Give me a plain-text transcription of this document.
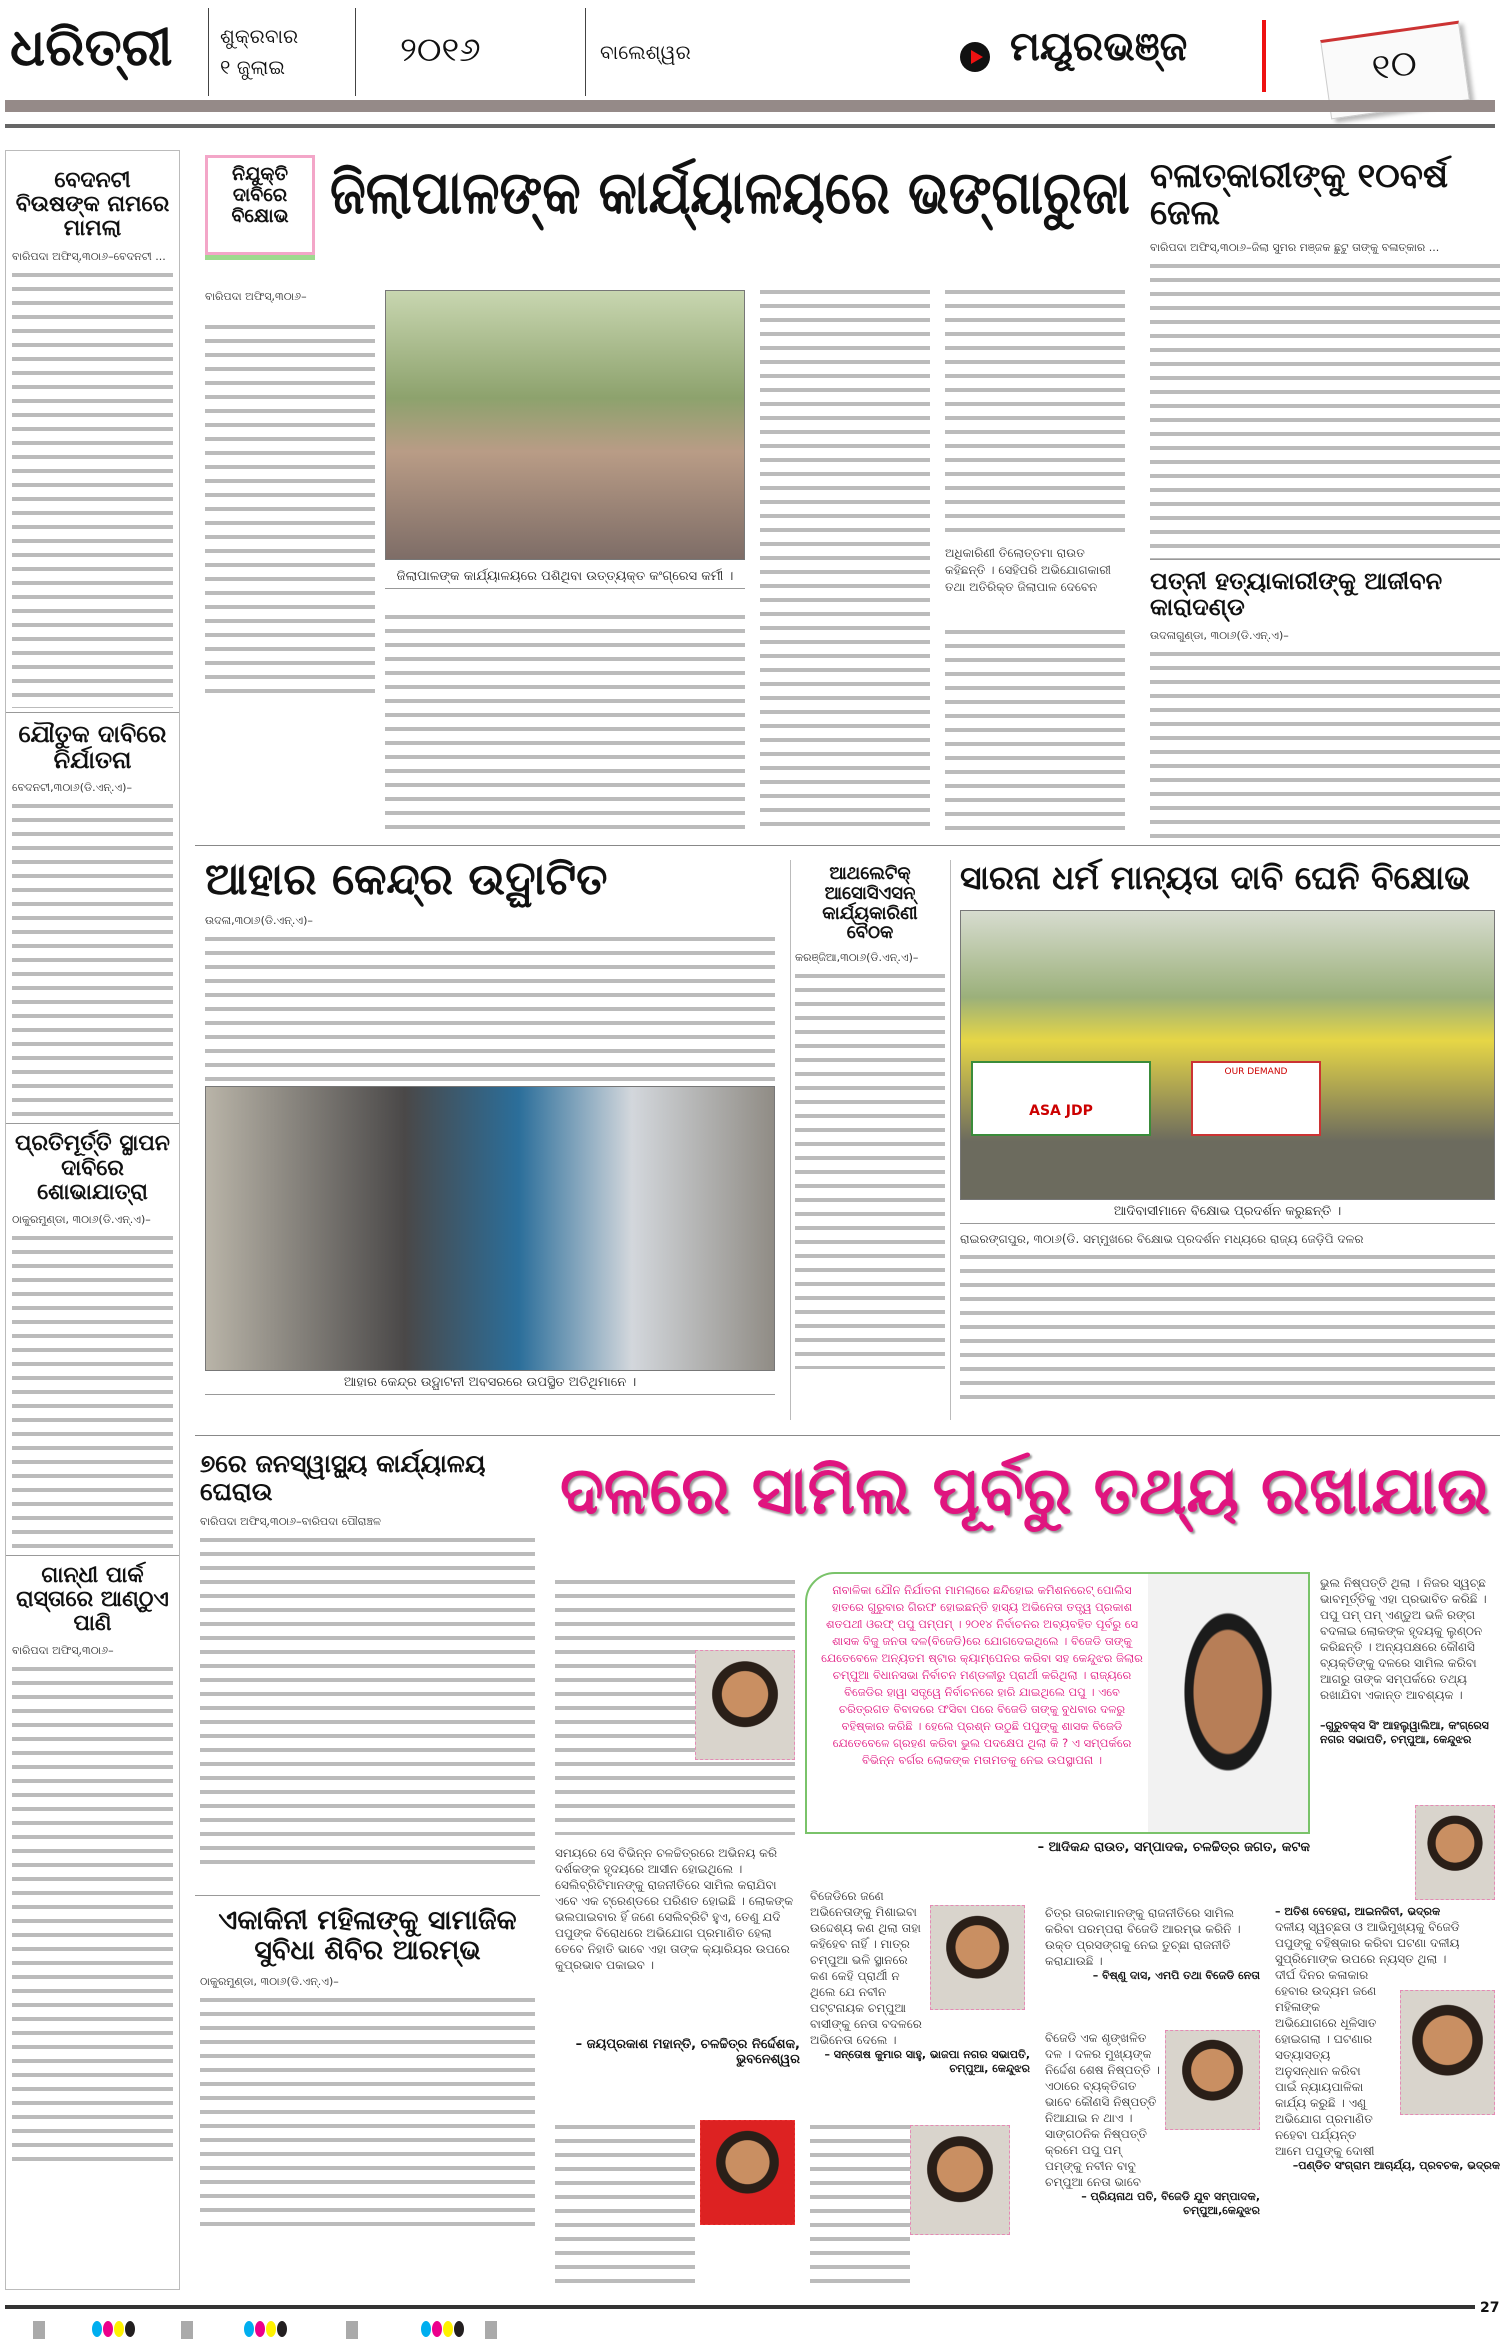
ଧରିତ୍ରୀ	ଶୁକ୍ରବାର
୧ ଜୁଲାଇ	୨୦୧୬	ବାଲେଶ୍ୱର	ମୟୂରଭଞ୍ଜ	୧୦
ବେଦନଟୀ ବିଉଷଙ୍କ ନାମରେ ମାମଲା
ବାରିପଦା ଅଫିସ୍,୩୦ା୬–ବେଦନଟୀ ...
ଯୌତୁକ ଦାବିରେ ନିର୍ଯାତନା
ବେଦନଟୀ,୩୦ା୬(ଡି.ଏନ୍.ଏ)–
ପ୍ରତିମୂର୍ତ୍ତି ସ୍ଥାପନ ଦାବିରେ ଶୋଭାଯାତ୍ରା
ଠାକୁରମୁଣ୍ଡା, ୩୦ା୬(ଡି.ଏନ୍.ଏ)–
ଗାନ୍ଧୀ ପାର୍କ ରାସ୍ତାରେ ଆଣ୍ଠୁଏ ପାଣି
ବାରିପଦା ଅଫିସ୍,୩୦ା୬–
ନିଯୁକ୍ତି ଦାବିରେ ବିକ୍ଷୋଭ ଜିଲାପାଳଙ୍କ କାର୍ଯ୍ୟାଳୟରେ ଭଙ୍ଗାରୁଜା
ବାରିପଦା ଅଫିସ୍,୩୦ା୬–
ଜିଲାପାଳଙ୍କ କାର୍ଯ୍ୟାଳୟରେ ପଶିଥିବା ଉତ୍ତ୍ୟକ୍ତ କଂଗ୍ରେସ କର୍ମୀ ।
ଅଧିକାରିଣୀ ତିଲୋତ୍ତମା ରାଉତ କହିଛନ୍ତି । ସେହିପରି ଅଭିଯୋଗକାରୀ ତଥା ଅତିରିକ୍ତ ଜିଲାପାଳ ଦେବେନ
ବଳାତ୍କାରୀଙ୍କୁ ୧୦ବର୍ଷ ଜେଲ
ବାରିପଦା ଅଫିସ୍,୩୦ା୬–ଜିଲା ସୁମର ମଞ୍ଜକ ଛୁଟୁ ତାଙ୍କୁ ବଳାତ୍କାର ...
ପତ୍ନୀ ହତ୍ୟାକାରୀଙ୍କୁ ଆଜୀବନ କାରାଦଣ୍ଡ
ଉଦଳାଗୁଣ୍ଡା, ୩୦ା୬(ଡି.ଏନ୍.ଏ)–
ଆହାର କେନ୍ଦ୍ର ଉଦ୍ଘାଟିତ
ଉଦଳା,୩୦ା୬(ଡି.ଏନ୍.ଏ)–
ଆହାର କେନ୍ଦ୍ର ଉଦ୍ଘାଟନୀ ଅବସରରେ ଉପସ୍ଥିତ ଅତିଥିମାନେ ।
ଆଥଲେଟିକ୍ ଆସୋସିଏସନ୍ କାର୍ଯ୍ୟକାରିଣୀ ବୈଠକ
କରଞ୍ଜିଆ,୩୦ା୬(ଡି.ଏନ୍.ଏ)–
ସାରନା ଧର୍ମ ମାନ୍ୟତା ଦାବି ଘେନି ବିକ୍ଷୋଭ
ASA JDP
OUR DEMAND
ଆଦିବାସୀମାନେ ବିକ୍ଷୋଭ ପ୍ରଦର୍ଶନ କରୁଛନ୍ତି ।
ରାଇରଙ୍ଗପୁର, ୩୦ା୬(ଡି. ସମ୍ମୁଖରେ ବିକ୍ଷୋଭ ପ୍ରଦର୍ଶନ ମଧ୍ୟରେ ରାଜ୍ୟ ଜେଡ଼ିପି ଦଳର
୭ରେ ଜନସ୍ୱାସ୍ଥ୍ୟ କାର୍ଯ୍ୟାଳୟ ଘେରାଉ
ବାରିପଦା ଅଫିସ୍,୩୦ା୬–ବାରିପଦା ପୌରାଞ୍ଚଳ
ଏକାକିନୀ ମହିଳାଙ୍କୁ ସାମାଜିକ ସୁବିଧା ଶିବିର ଆରମ୍ଭ
ଠାକୁରମୁଣ୍ଡା, ୩୦ା୬(ଡି.ଏନ୍.ଏ)–
ଦଳରେ ସାମିଲ ପୂର୍ବରୁ ତଥ୍ୟ ରଖାଯାଉ
ନାବାଳିକା ଯୌନ ନିର୍ଯାତନା ମାମଲାରେ ଛନ୍ଦିହୋଇ କମିଶନରେଟ୍ ପୋଲିସ ହାତରେ ଗୁରୁବାର ଗିରଫ ହୋଇଛନ୍ତି ହାସ୍ୟ ଅଭିନେତା ତତ୍ତ୍ୱ ପ୍ରକାଶ ଶତପଥୀ ଓରଫ୍ ପପୁ ପମ୍‌ପମ୍ । ୨୦୧୪ ନିର୍ବାଚନର ଅବ୍ୟବହିତ ପୂର୍ବରୁ ସେ ଶାସକ ବିଜୁ ଜନତା ଦଳ(ବିଜେଡି)ରେ ଯୋଗଦେଇଥିଲେ । ବିଜେଡି ତାଙ୍କୁ ଯେତେବେଳେ ଅନ୍ୟତମ ଷ୍ଟାର କ୍ୟାମ୍ପେନର କରିବା ସହ କେନ୍ଦୁଝର ଜିଲାର ଚମ୍ପୁଆ ବିଧାନସଭା ନିର୍ବାଚନ ମଣ୍ଡଳୀରୁ ପ୍ରାର୍ଥୀ କରିଥିଲା । ରାଜ୍ୟରେ ବିଜେଡିର ହାୱା ସତ୍ତ୍ୱେ ନିର୍ବାଚନରେ ହାରି ଯାଇଥିଲେ ପପୁ । ଏବେ ଚରିତ୍ରଗତ ବିବାଦରେ ଫସିବା ପରେ ବିଜେଡି ତାଙ୍କୁ ବୁଧବାର ଦଳରୁ ବହିଷ୍କାର କରିଛି । ହେଲେ ପ୍ରଶ୍ନ ଉଠୁଛି ପପୁଙ୍କୁ ଶାସକ ବିଜେଡି ଯେତେବେଳେ ଗ୍ରହଣ କରିବା ଭୁଲ ପଦକ୍ଷେପ ଥିଲା କି ? ଏ ସମ୍ପର୍କରେ ବିଭିନ୍ନ ବର୍ଗର ଲୋକଙ୍କ ମତାମତକୁ ନେଇ ଉପସ୍ଥାପନା ।
ଭୁଲ ନିଷ୍ପତ୍ତି ଥିଲା । ନିଜର ସ୍ୱଚ୍ଛ ଭାବମୂର୍ତ୍ତିକୁ ଏହା ପ୍ରଭାବିତ କରିଛି । ପପୁ ପମ୍ ପମ୍ ଏଣ୍ଡୁଅ ଭଳି ରଙ୍ଗ ବଦଳାଇ ଲୋକଙ୍କ ହୃଦୟକୁ ଲୁଣ୍ଠନ କରିଛନ୍ତି । ଅନ୍ୟପକ୍ଷରେ କୌଣସି ବ୍ୟକ୍ତିଙ୍କୁ ଦଳରେ ସାମିଲ କରିବା ଆଗରୁ ତାଙ୍କ ସମ୍ପର୍କରେ ତଥ୍ୟ ରଖାଯିବା ଏକାନ୍ତ ଆବଶ୍ୟକ ।
–ଗୁରୁବକ୍ସ ସିଂ ଆହଲୁୱାଲିଆ, କଂଗ୍ରେସ ନଗର ସଭାପତି, ଚମ୍ପୁଆ, କେନ୍ଦୁଝର
– ଆଦିକନ୍ଦ ରାଉତ, ସମ୍ପାଦକ, ଚଳଚ୍ଚିତ୍ର ଜଗତ, କଟକ
ସମୟରେ ସେ ବିଭିନ୍ନ ଚଳଚ୍ଚିତ୍ରରେ ଅଭିନୟ କରି ଦର୍ଶକଙ୍କ ହୃଦୟରେ ଆସୀନ ହୋଇଥିଲେ । ସେଲିବ୍ରିଟିମାନଙ୍କୁ ରାଜନୀତିରେ ସାମିଲ କରାଯିବା ଏବେ ଏକ ଟ୍ରେଣ୍ଡରେ ପରିଣତ ହୋଇଛି । ଲୋକଙ୍କ ଭଲପାଇବାର ହିଁ ଜଣେ ସେଲିବ୍ରିଟି ହୁଏ, ତେଣୁ ଯଦି ପପୁଙ୍କ ବିରୋଧରେ ଅଭିଯୋଗ ପ୍ରମାଣିତ ହେଲା ତେବେ ନିହାତି ଭାବେ ଏହା ତାଙ୍କ କ୍ୟାରିୟର ଉପରେ କୁପ୍ରଭାବ ପକାଇବ ।
– ଜୟପ୍ରକାଶ ମହାନ୍ତି, ଚଳଚ୍ଚିତ୍ର ନିର୍ଦ୍ଦେଶକ, ଭୁବନେଶ୍ୱର
ବିଜେଡିରେ ଜଣେ ଅଭିନେତାଙ୍କୁ ମିଶାଇବା ଉଦ୍ଦେଶ୍ୟ କଣ ଥିଲା ତାହା କହିହେବ ନାହିଁ । ମାତ୍ର ଚମ୍ପୁଆ ଭଳି ସ୍ଥାନରେ କଣ କେହି ପ୍ରାର୍ଥୀ ନ ଥିଲେ ଯେ ନବୀନ ପଟ୍ଟନାୟକ ଚମ୍ପୁଆ ବାସୀଙ୍କୁ ନେତା ବଦଳରେ ଅଭିନେତା ଦେଲେ ।
– ସନ୍ତୋଷ କୁମାର ସାହୁ, ଭାଜପା ନଗର ସଭାପତି, ଚମ୍ପୁଆ, କେନ୍ଦୁଝର
ଚିତ୍ର ତାରକାମାନଙ୍କୁ ରାଜନୀତିରେ ସାମିଲ କରିବା ପରମ୍ପରା ବିଜେଡି ଆରମ୍ଭ କରିନି । ଉକ୍ତ ପ୍ରସଙ୍ଗକୁ ନେଇ ତୁଚ୍ଛା ରାଜନୀତି କରାଯାଉଛି ।
– ବିଷ୍ଣୁ ଦାସ, ଏମପି ତଥା ବିଜେଡି ନେତା
ବିଜେଡି ଏକ ଶୃଙ୍ଖଳିତ ଦଳ । ଦଳର ମୁଖ୍ୟଙ୍କ ନିର୍ଦ୍ଦେଶ ଶେଷ ନିଷ୍ପତ୍ତି । ଏଠାରେ ବ୍ୟକ୍ତିଗତ ଭାବେ କୌଣସି ନିଷ୍ପତ୍ତି ନିଆଯାଇ ନ ଥାଏ । ସାଙ୍ଗଠନିକ ନିଷ୍ପତ୍ତି କ୍ରମେ ପପୁ ପମ୍ ପମ୍‌ଙ୍କୁ ନବୀନ ବାବୁ ଚମ୍ପୁଆ ନେତା ଭାବେ
– ପ୍ରିୟନାଥ ପତି, ବିଜେଡି ଯୁବ ସମ୍ପାଦକ, ଚମ୍ପୁଆ,କେନ୍ଦୁଝର
– ଅତିଶ ବେହେରା, ଆଇନଜିବୀ, ଭଦ୍ରକ
ଦଳୀୟ ସ୍ୱଚ୍ଛତା ଓ ଆଭିମୁଖ୍ୟକୁ ବିଜେଡି ପପୁଙ୍କୁ ବହିଷ୍କାର କରିବା ଘଟଣା ଦଳୀୟ ସୁପ୍ରିମୋଙ୍କ ଉପରେ ନ୍ୟସ୍ତ ଥିଲା ।
ଦୀର୍ଘ ଦିନର କଳାକାର ହେବାର ଉଦ୍ୟମ ଜଣେ ମହିଳାଙ୍କ ଅଭିଯୋଗରେ ଧୂଳିସାତ ହୋଇଗଲା । ଘଟଣାର ସତ୍ୟାସତ୍ୟ ଅନୁସନ୍ଧାନ କରିବା ପାଇଁ ନ୍ୟାୟପାଳିକା କାର୍ଯ୍ୟ କରୁଛି । ଏଣୁ ଅଭିଯୋଗ ପ୍ରମାଣିତ ନହେବା ପର୍ଯ୍ୟନ୍ତ ଆମେ ପପୁଙ୍କୁ ଦୋଷୀ
–ପଣ୍ଡିତ ସଂଗ୍ରାମ ଆଚାର୍ଯ୍ୟ, ପ୍ରବଚକ, ଭଦ୍ରକ
27
